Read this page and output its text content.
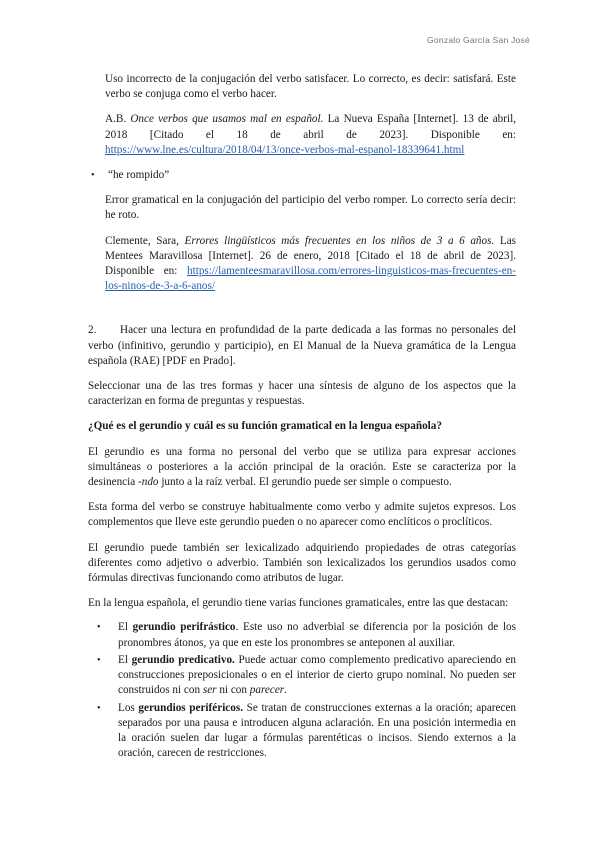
Gonzalo García San José

Uso incorrecto de la conjugación del verbo satisfacer. Lo correcto, es decir: satisfará. Este verbo se conjuga como el verbo hacer.

A.B. Once verbos que usamos mal en español. La Nueva España [Internet]. 13 de abril, 2018 [Citado el 18 de abril de 2023]. Disponible en: https://www.lne.es/cultura/2018/04/13/once-verbos-mal-espanol-18339641.html

• “he rompido”

Error gramatical en la conjugación del participio del verbo romper. Lo correcto sería decir: he roto.

Clemente, Sara, Errores lingüísticos más frecuentes en los niños de 3 a 6 años. Las Mentees Maravillosa [Internet]. 26 de enero, 2018 [Citado el 18 de abril de 2023]. Disponible en: https://lamenteesmaravillosa.com/errores-linguisticos-mas-frecuentes-en-los-ninos-de-3-a-6-anos/

2. Hacer una lectura en profundidad de la parte dedicada a las formas no personales del verbo (infinitivo, gerundio y participio), en El Manual de la Nueva gramática de la Lengua española (RAE) [PDF en Prado].

Seleccionar una de las tres formas y hacer una síntesis de alguno de los aspectos que la caracterizan en forma de preguntas y respuestas.

¿Qué es el gerundio y cuál es su función gramatical en la lengua española?

El gerundio es una forma no personal del verbo que se utiliza para expresar acciones simultáneas o posteriores a la acción principal de la oración. Este se caracteriza por la desinencia -ndo junto a la raíz verbal. El gerundio puede ser simple o compuesto.

Esta forma del verbo se construye habitualmente como verbo y admite sujetos expresos. Los complementos que lleve este gerundio pueden o no aparecer como enclíticos o proclíticos.

El gerundio puede también ser lexicalizado adquiriendo propiedades de otras categorías diferentes como adjetivo o adverbio. También son lexicalizados los gerundios usados como fórmulas directivas funcionando como atributos de lugar.

En la lengua española, el gerundio tiene varias funciones gramaticales, entre las que destacan:

• El gerundio perifrástico. Este uso no adverbial se diferencia por la posición de los pronombres átonos, ya que en este los pronombres se anteponen al auxiliar.
• El gerundio predicativo. Puede actuar como complemento predicativo apareciendo en construcciones preposicionales o en el interior de cierto grupo nominal. No pueden ser construidos ni con ser ni con parecer.
• Los gerundios periféricos. Se tratan de construcciones externas a la oración; aparecen separados por una pausa e introducen alguna aclaración. En una posición intermedia en la oración suelen dar lugar a fórmulas parentéticas o incisos. Siendo externos a la oración, carecen de restricciones.
